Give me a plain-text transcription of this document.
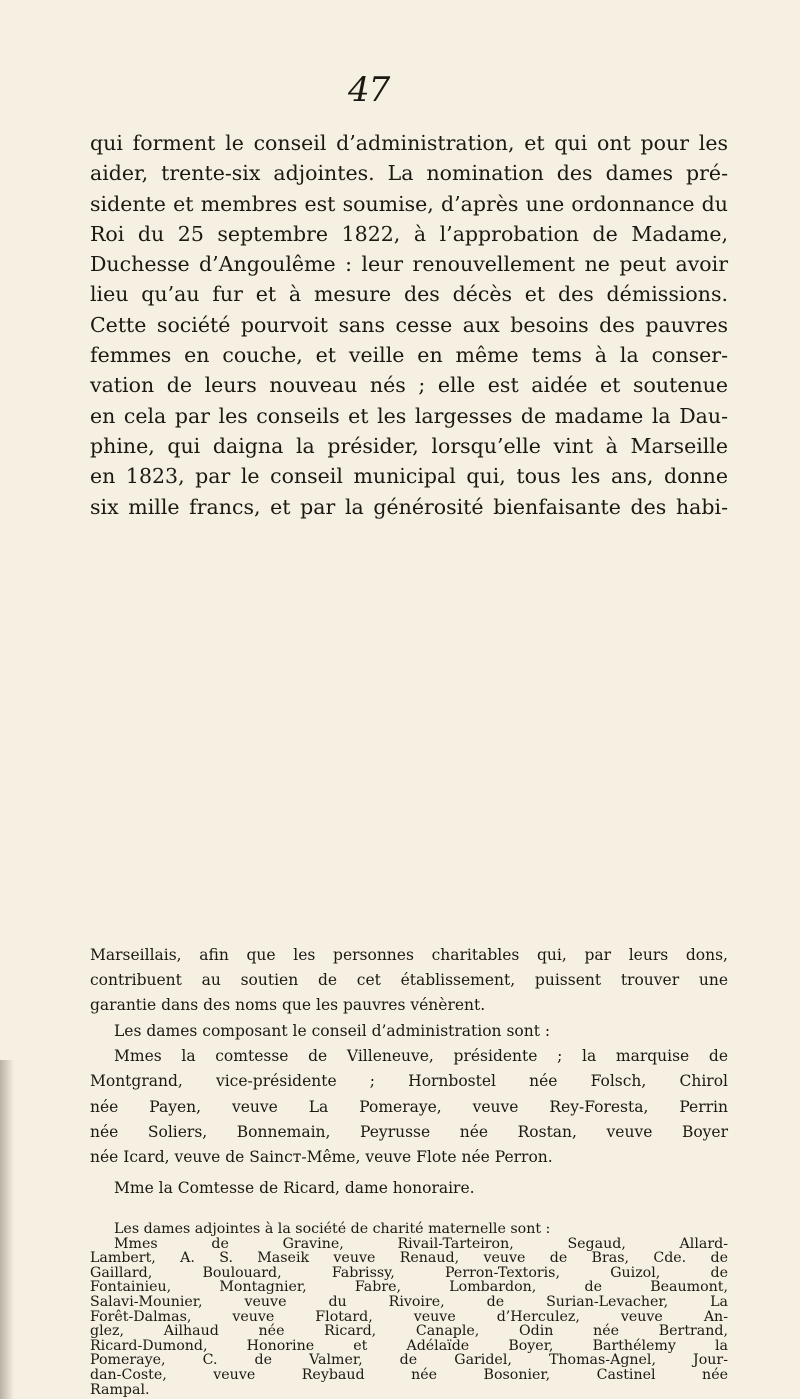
47
qui forment le conseil d’administration, et qui ont pour les
aider, trente-six adjointes. La nomination des dames pré-
sidente et membres est soumise, d’après une ordonnance du
Roi du 25 septembre 1822, à l’approbation de Madame,
Duchesse d’Angoulême : leur renouvellement ne peut avoir
lieu qu’au fur et à mesure des décès et des démissions.
Cette société pourvoit sans cesse aux besoins des pauvres
femmes en couche, et veille en même tems à la conser-
vation de leurs nouveau nés ; elle est aidée et soutenue
en cela par les conseils et les largesses de madame la Dau-
phine, qui daigna la présider, lorsqu’elle vint à Marseille
en 1823, par le conseil municipal qui, tous les ans, donne
six mille francs, et par la générosité bienfaisante des habi-
Marseillais, afin que les personnes charitables qui, par leurs dons,
contribuent au soutien de cet établissement, puissent trouver une
garantie dans des noms que les pauvres vénèrent.
Les dames composant le conseil d’administration sont :
Mmes la comtesse de Villeneuve, présidente ; la marquise de
Montgrand, vice-présidente ; Hornbostel née Folsch, Chirol
née Payen, veuve La Pomeraye, veuve Rey-Foresta, Perrin
née Soliers, Bonnemain, Peyrusse née Rostan, veuve Boyer
née Icard, veuve de Saincт-Même, veuve Flote née Perron.
Mme la Comtesse de Ricard, dame honoraire.
Les dames adjointes à la société de charité maternelle sont :
Mmes de Gravine, Rivail-Tarteiron, Segaud, Allard-
Lambert, A. S. Maseik veuve Renaud, veuve de Bras, Cde. de
Gaillard, Boulouard, Fabrissy, Perron-Textoris, Guizol, de
Fontainieu, Montagnier, Fabre, Lombardon, de Beaumont,
Salavi-Mounier, veuve du Rivoire, de Surian-Levacher, La
Forêt-Dalmas, veuve Flotard, veuve d’Herculez, veuve An-
glez, Ailhaud née Ricard, Canaple, Odin née Bertrand,
Ricard-Dumond, Honorine et Adélaïde Boyer, Barthélemy la
Pomeraye, C. de Valmer, de Garidel, Thomas-Agnel, Jour-
dan-Coste, veuve Reybaud née Bosonier, Castinel née
Rampal.
